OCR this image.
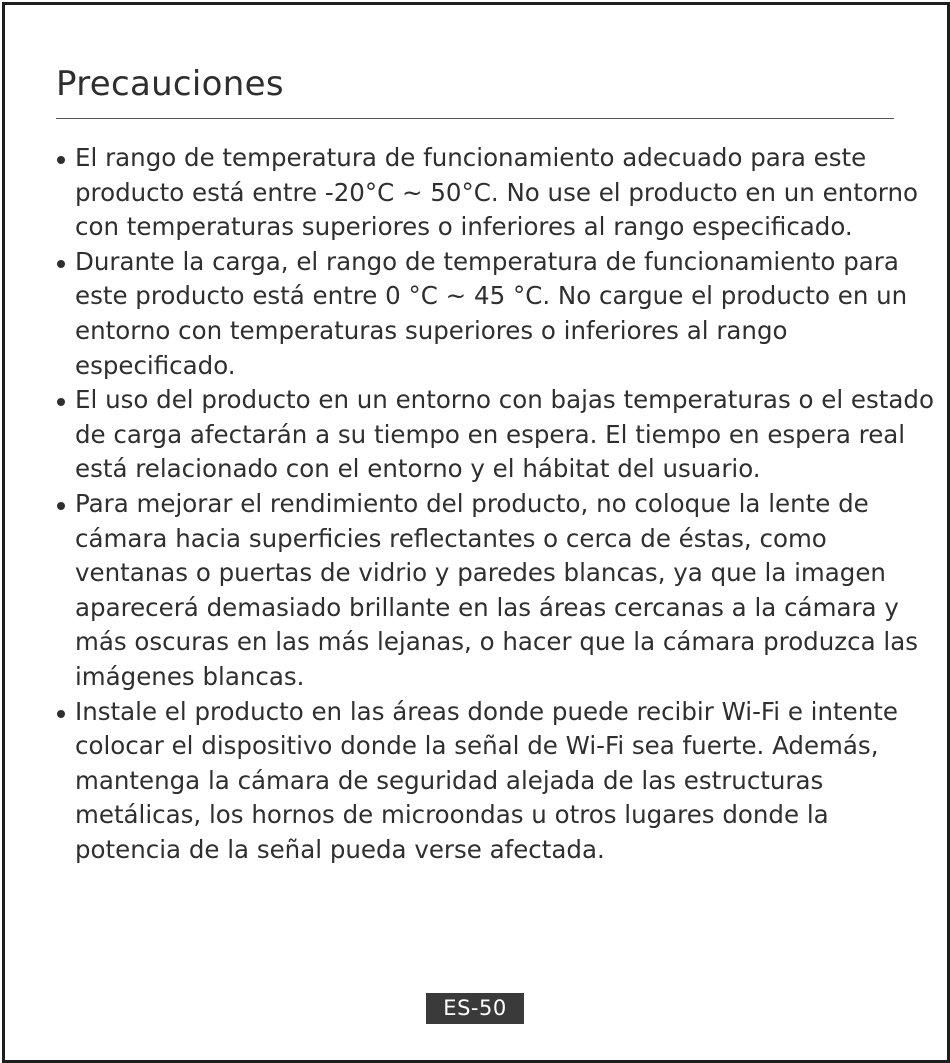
Precauciones
El rango de temperatura de funcionamiento adecuado para este producto está entre -20°C ~ 50°C. No use el producto en un entorno con temperaturas superiores o inferiores al rango especificado.
Durante la carga, el rango de temperatura de funcionamiento para este producto está entre 0 °C ~ 45 °C. No cargue el producto en un entorno con temperaturas superiores o inferiores al rango especificado.
El uso del producto en un entorno con bajas temperaturas o el estado de carga afectarán a su tiempo en espera. El tiempo en espera real está relacionado con el entorno y el hábitat del usuario.
Para mejorar el rendimiento del producto, no coloque la lente de cámara hacia superficies reflectantes o cerca de éstas, como ventanas o puertas de vidrio y paredes blancas, ya que la imagen aparecerá demasiado brillante en las áreas cercanas a la cámara y más oscuras en las más lejanas, o hacer que la cámara produzca las imágenes blancas.
Instale el producto en las áreas donde puede recibir Wi-Fi e intente colocar el dispositivo donde la señal de Wi-Fi sea fuerte. Además, mantenga la cámara de seguridad alejada de las estructuras metálicas, los hornos de microondas u otros lugares donde la potencia de la señal pueda verse afectada.
ES-50
